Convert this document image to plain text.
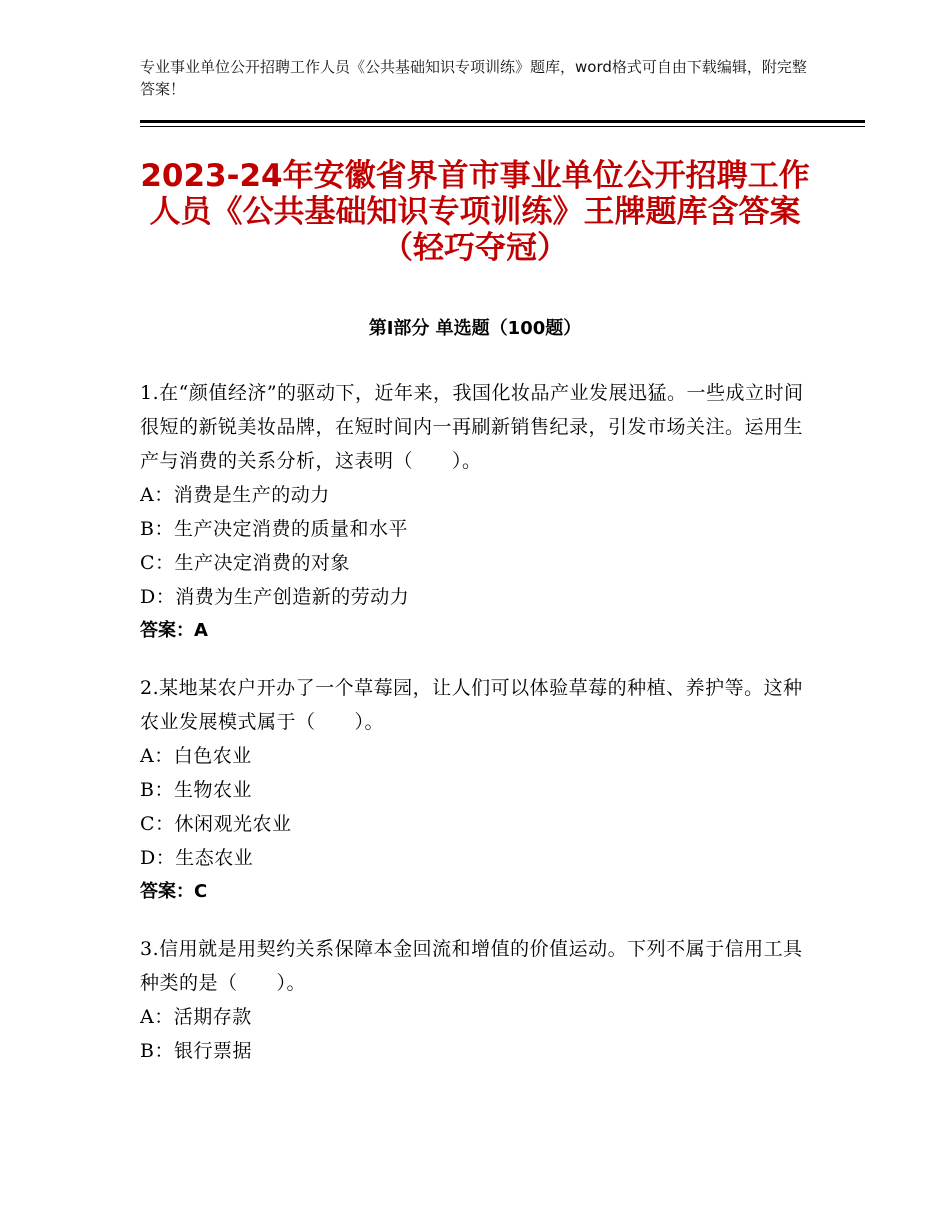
专业事业单位公开招聘工作人员《公共基础知识专项训练》题库，word格式可自由下载编辑，附完整答案！
2023-24年安徽省界首市事业单位公开招聘工作人员《公共基础知识专项训练》王牌题库含答案（轻巧夺冠）
第Ⅰ部分 单选题（100题）

1.在“颜值经济”的驱动下，近年来，我国化妆品产业发展迅猛。一些成立时间很短的新锐美妆品牌，在短时间内一再刷新销售纪录，引发市场关注。运用生产与消费的关系分析，这表明（　　）。

A：消费是生产的动力

B：生产决定消费的质量和水平

C：生产决定消费的对象

D：消费为生产创造新的劳动力

答案：A

2.某地某农户开办了一个草莓园，让人们可以体验草莓的种植、养护等。这种农业发展模式属于（　　）。

A：白色农业

B：生物农业

C：休闲观光农业

D：生态农业

答案：C

3.信用就是用契约关系保障本金回流和增值的价值运动。下列不属于信用工具种类的是（　　）。

A：活期存款

B：银行票据
